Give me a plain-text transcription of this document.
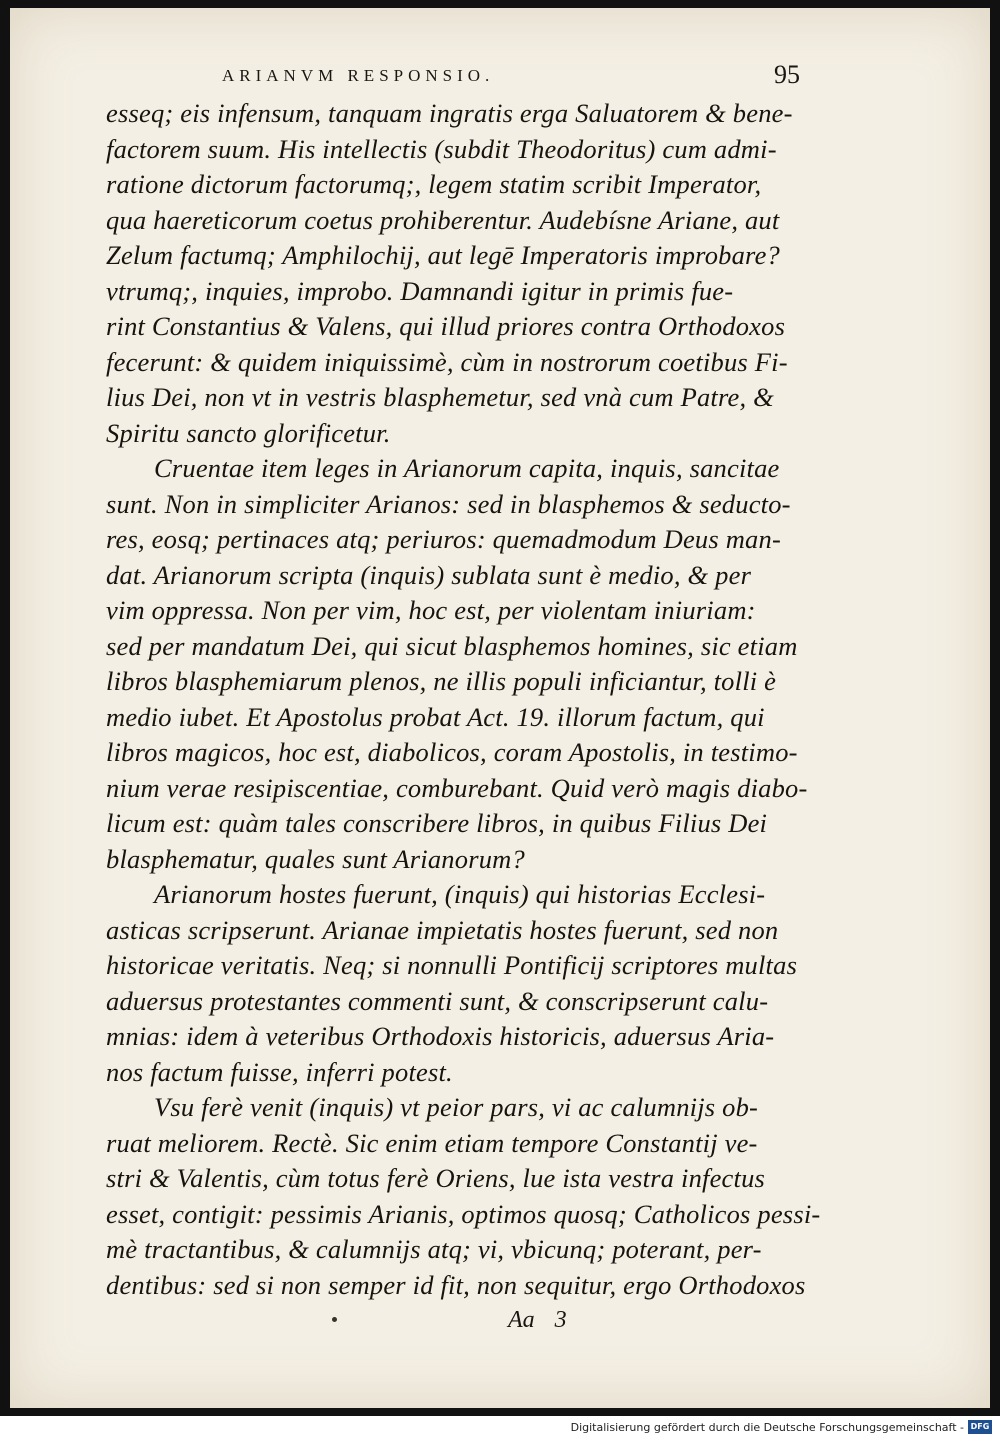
ARIANVM RESPONSIO.	95
esseq; eis infensum, tanquam ingratis erga Saluatorem & bene-
factorem suum. His intellectis (subdit Theodoritus) cum admi-
ratione dictorum factorumq;, legem statim scribit Imperator,
qua haereticorum coetus prohiberentur. Audebísne Ariane, aut
Zelum factumq; Amphilochij, aut legē Imperatoris improbare?
vtrumq;, inquies, improbo. Damnandi igitur in primis fue-
rint Constantius & Valens, qui illud priores contra Orthodoxos
fecerunt: & quidem iniquissimè, cùm in nostrorum coetibus Fi-
lius Dei, non vt in vestris blasphemetur, sed vnà cum Patre, &
Spiritu sancto glorificetur.
Cruentae item leges in Arianorum capita, inquis, sancitae
sunt. Non in simpliciter Arianos: sed in blasphemos & seducto-
res, eosq; pertinaces atq; periuros: quemadmodum Deus man-
dat. Arianorum scripta (inquis) sublata sunt è medio, & per
vim oppressa. Non per vim, hoc est, per violentam iniuriam:
sed per mandatum Dei, qui sicut blasphemos homines, sic etiam
libros blasphemiarum plenos, ne illis populi inficiantur, tolli è
medio iubet. Et Apostolus probat Act. 19. illorum factum, qui
libros magicos, hoc est, diabolicos, coram Apostolis, in testimo-
nium verae resipiscentiae, comburebant. Quid verò magis diabo-
licum est: quàm tales conscribere libros, in quibus Filius Dei
blasphematur, quales sunt Arianorum?
Arianorum hostes fuerunt, (inquis) qui historias Ecclesi-
asticas scripserunt. Arianae impietatis hostes fuerunt, sed non
historicae veritatis. Neq; si nonnulli Pontificij scriptores multas
aduersus protestantes commenti sunt, & conscripserunt calu-
mnias: idem à veteribus Orthodoxis historicis, aduersus Aria-
nos factum fuisse, inferri potest.
Vsu ferè venit (inquis) vt peior pars, vi ac calumnijs ob-
ruat meliorem. Rectè. Sic enim etiam tempore Constantij ve-
stri & Valentis, cùm totus ferè Oriens, lue ista vestra infectus
esset, contigit: pessimis Arianis, optimos quosq; Catholicos pessi-
mè tractantibus, & calumnijs atq; vi, vbicunq; poterant, per-
dentibus: sed si non semper id fit, non sequitur, ergo Orthodoxos
Aa 3
Digitalisierung gefördert durch die Deutsche Forschungsgemeinschaft - DFG
